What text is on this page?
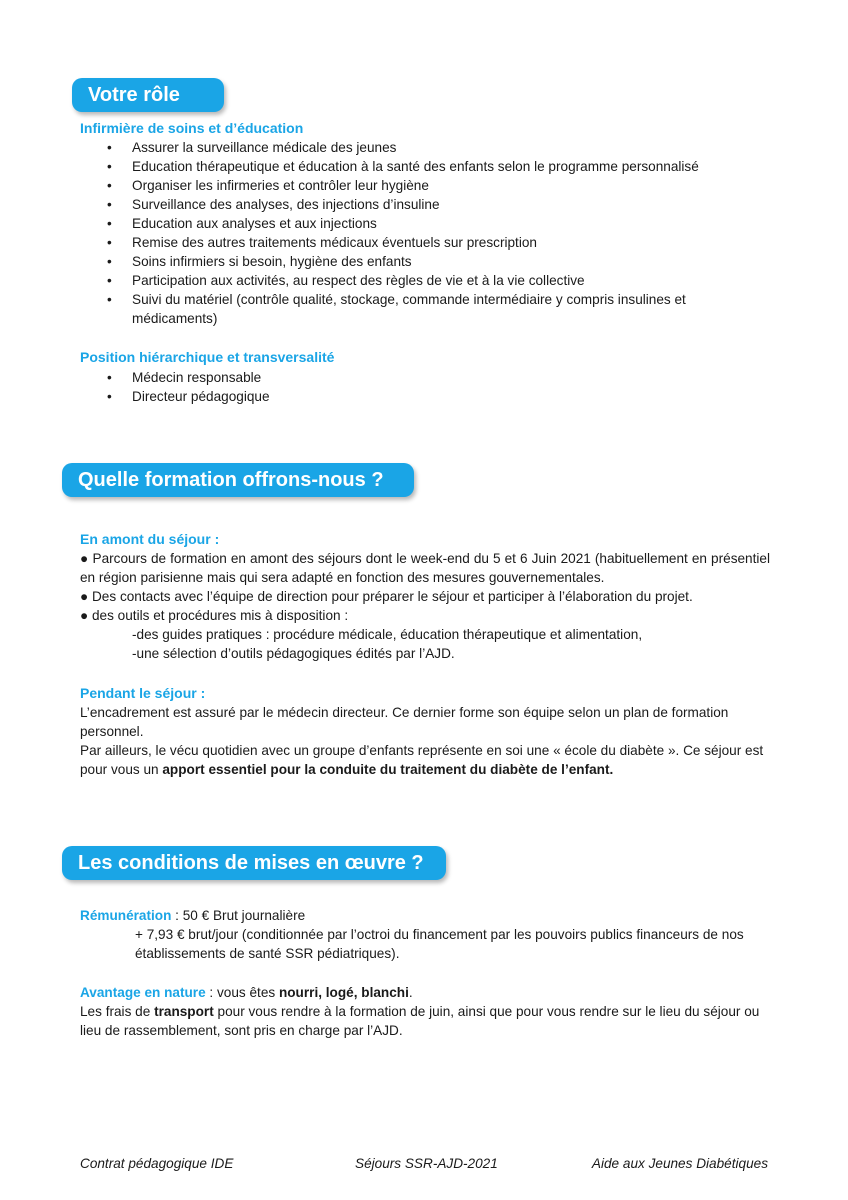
Votre rôle
Infirmière de soins et d’éducation
• Assurer la surveillance médicale des jeunes
• Education thérapeutique et éducation à la santé des enfants selon le programme personnalisé
• Organiser les infirmeries et contrôler leur hygiène
• Surveillance des analyses, des injections d’insuline
• Education aux analyses et aux injections
• Remise des autres traitements médicaux éventuels sur prescription
• Soins infirmiers si besoin, hygiène des enfants
• Participation aux activités, au respect des règles de vie et à la vie collective
• Suivi du matériel (contrôle qualité, stockage, commande intermédiaire y compris insulines et médicaments)
Position hiérarchique et transversalité
• Médecin responsable
• Directeur pédagogique
Quelle formation offrons-nous ?
En amont du séjour :

● Parcours de formation en amont des séjours dont le week-end du 5 et 6 Juin 2021 (habituellement en présentiel en région parisienne mais qui sera adapté en fonction des mesures gouvernementales.

● Des contacts avec l’équipe de direction pour préparer le séjour et participer à l’élaboration du projet.

● des outils et procédures mis à disposition :

-des guides pratiques : procédure médicale, éducation thérapeutique et alimentation,

-une sélection d’outils pédagogiques édités par l’AJD.

Pendant le séjour :

L’encadrement est assuré par le médecin directeur. Ce dernier forme son équipe selon un plan de formation personnel.

Par ailleurs, le vécu quotidien avec un groupe d’enfants représente en soi une « école du diabète ». Ce séjour est pour vous un apport essentiel pour la conduite du traitement du diabète de l’enfant.

Les conditions de mises en œuvre ?

Rémunération : 50 € Brut journalière

+ 7,93 € brut/jour (conditionnée par l’octroi du financement par les pouvoirs publics financeurs de nos établissements de santé SSR pédiatriques).

Avantage en nature : vous êtes nourri, logé, blanchi.

Les frais de transport pour vous rendre à la formation de juin, ainsi que pour vous rendre sur le lieu du séjour ou lieu de rassemblement, sont pris en charge par l’AJD.

Contrat pédagogique IDE	Séjours SSR-AJD-2021	Aide aux Jeunes Diabétiques
